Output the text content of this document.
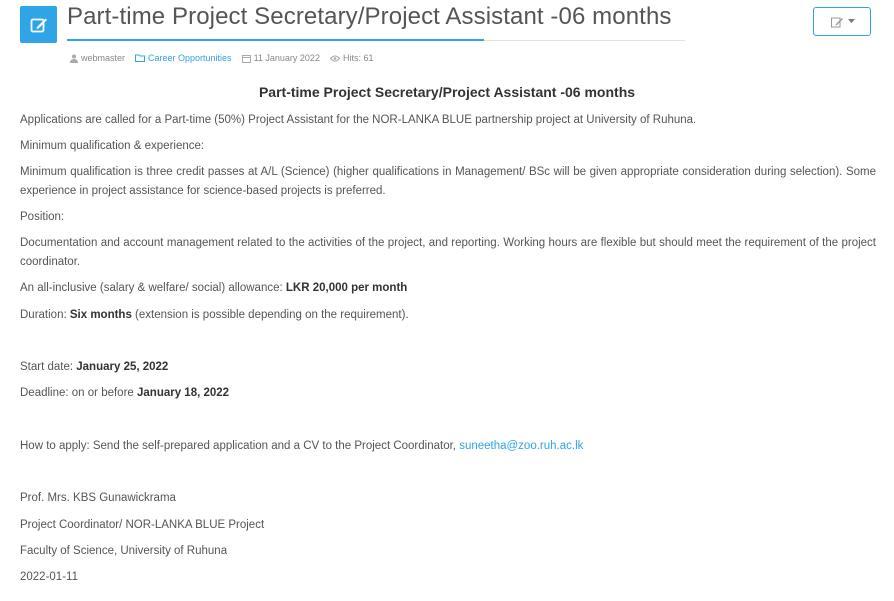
Part-time Project Secretary/Project Assistant -06 months
webmaster	Career Opportunities 11 January 2022	Hits: 61
Part-time Project Secretary/Project Assistant -06 months
Applications are called for a Part-time (50%) Project Assistant for the NOR-LANKA BLUE partnership project at University of Ruhuna.
Minimum qualification & experience:
Minimum qualification is three credit passes at A/L (Science) (higher qualifications in Management/ BSc will be given appropriate consideration during selection). Some experience in project assistance for science-based projects is preferred.
Position:
Documentation and account management related to the activities of the project, and reporting. Working hours are flexible but should meet the requirement of the project coordinator.
An all-inclusive (salary & welfare/ social) allowance: LKR 20,000 per month
Duration: Six months (extension is possible depending on the requirement).
Start date: January 25, 2022
Deadline: on or before January 18, 2022
How to apply: Send the self-prepared application and a CV to the Project Coordinator, suneetha@zoo.ruh.ac.lk
Prof. Mrs. KBS Gunawickrama
Project Coordinator/ NOR-LANKA BLUE Project
Faculty of Science, University of Ruhuna
2022-01-11
